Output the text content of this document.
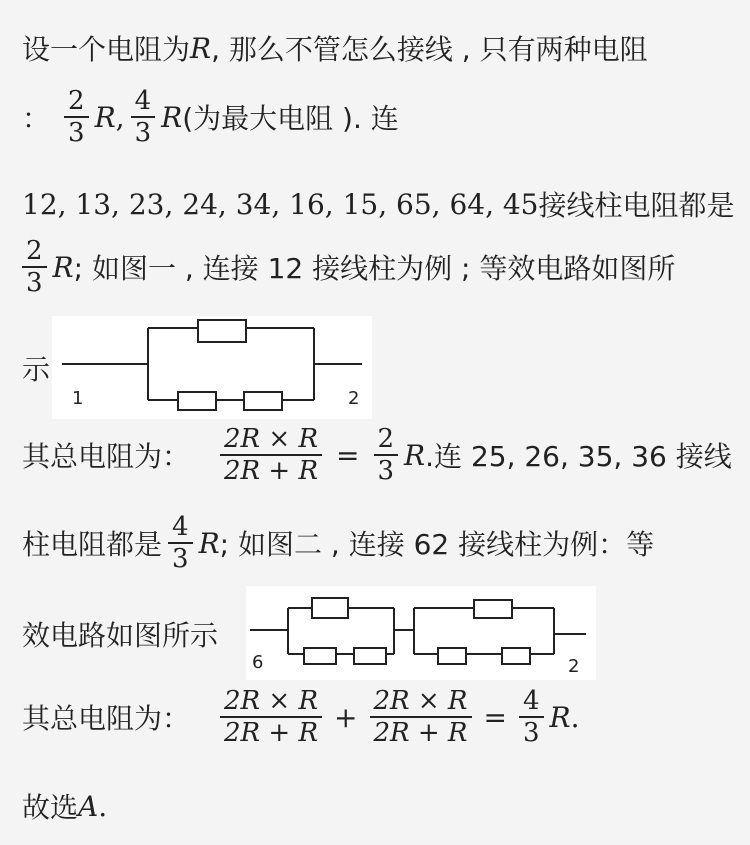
设一个电阻为 R , 那么不管怎么接线 , 只有两种电阻
： $\frac{2}{3}$ R , $\frac{4}{3}$ R (为最大电阻 ). 连
12, 13, 23, 24, 34, 16, 15, 65, 64, 45 接线柱电阻都是
$\frac{2}{3}$ R ; 如图一 , 连接 12 接线柱为例 ; 等效电路如图所
示
1	2
其总电阻为： $\frac{2R \times R}{2R + R} = \frac{2}{3}$ R .连 25, 26, 35, 36 接线
柱电阻都是 $\frac{4}{3}$ R ; 如图二 , 连接 62 接线柱为例：等
效电路如图所示
6	2
其总电阻为： $\frac{2R \times R}{2R + R} + \frac{2R \times R}{2R + R} = \frac{4}{3}$ R .
故选 A .
